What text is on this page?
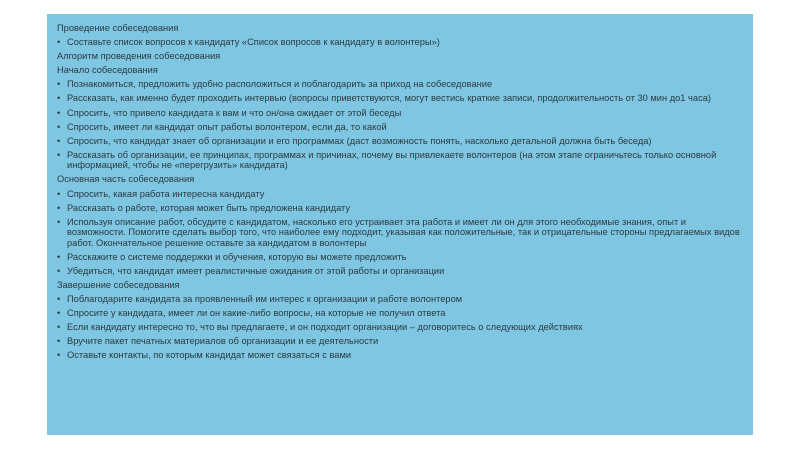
Проведение собеседования
• Составьте список вопросов к кандидату «Список вопросов к кандидату в волонтеры»)
Алгоритм проведения собеседования
Начало собеседования
• Познакомиться, предложить удобно расположиться и поблагодарить за приход на собеседование
• Рассказать, как именно будет проходить интервью (вопросы приветствуются, могут вестись краткие записи, продолжительность от 30 мин до1 часа)
• Спросить, что привело кандидата к вам и что он/она ожидает от этой беседы
• Спросить, имеет ли кандидат опыт работы волонтером, если да, то какой
• Спросить, что кандидат знает об организации и его программах (даст возможность понять, насколько детальной должна быть беседа)
• Рассказать об организации, ее принципах, программах и причинах, почему вы привлекаете волонтеров (на этом этапе ограничьтесь только основной информацией, чтобы не «перегрузить» кандидата)
Основная часть собеседования
• Спросить, какая работа интересна кандидату
• Рассказать о работе, которая может быть предложена кандидату
• Используя описание работ, обсудите с кандидатом, насколько его устраивает эта работа и имеет ли он для этого необходимые знания, опыт и возможности. Помогите сделать выбор того, что наиболее ему подходит, указывая как положительные, так и отрицательные стороны предлагаемых видов работ. Окончательное решение оставьте за кандидатом в волонтеры
• Расскажите о системе поддержки и обучения, которую вы можете предложить
• Убедиться, что кандидат имеет реалистичные ожидания от этой работы и организации
Завершение собеседования
• Поблагодарите кандидата за проявленный им интерес к организации и работе волонтером
• Спросите у кандидата, имеет ли он какие-либо вопросы, на которые не получил ответа
• Если кандидату интересно то, что вы предлагаете, и он подходит организации – договоритесь о следующих действиях
• Вручите пакет печатных материалов об организации и ее деятельности
• Оставьте контакты, по которым кандидат может связаться с вами
